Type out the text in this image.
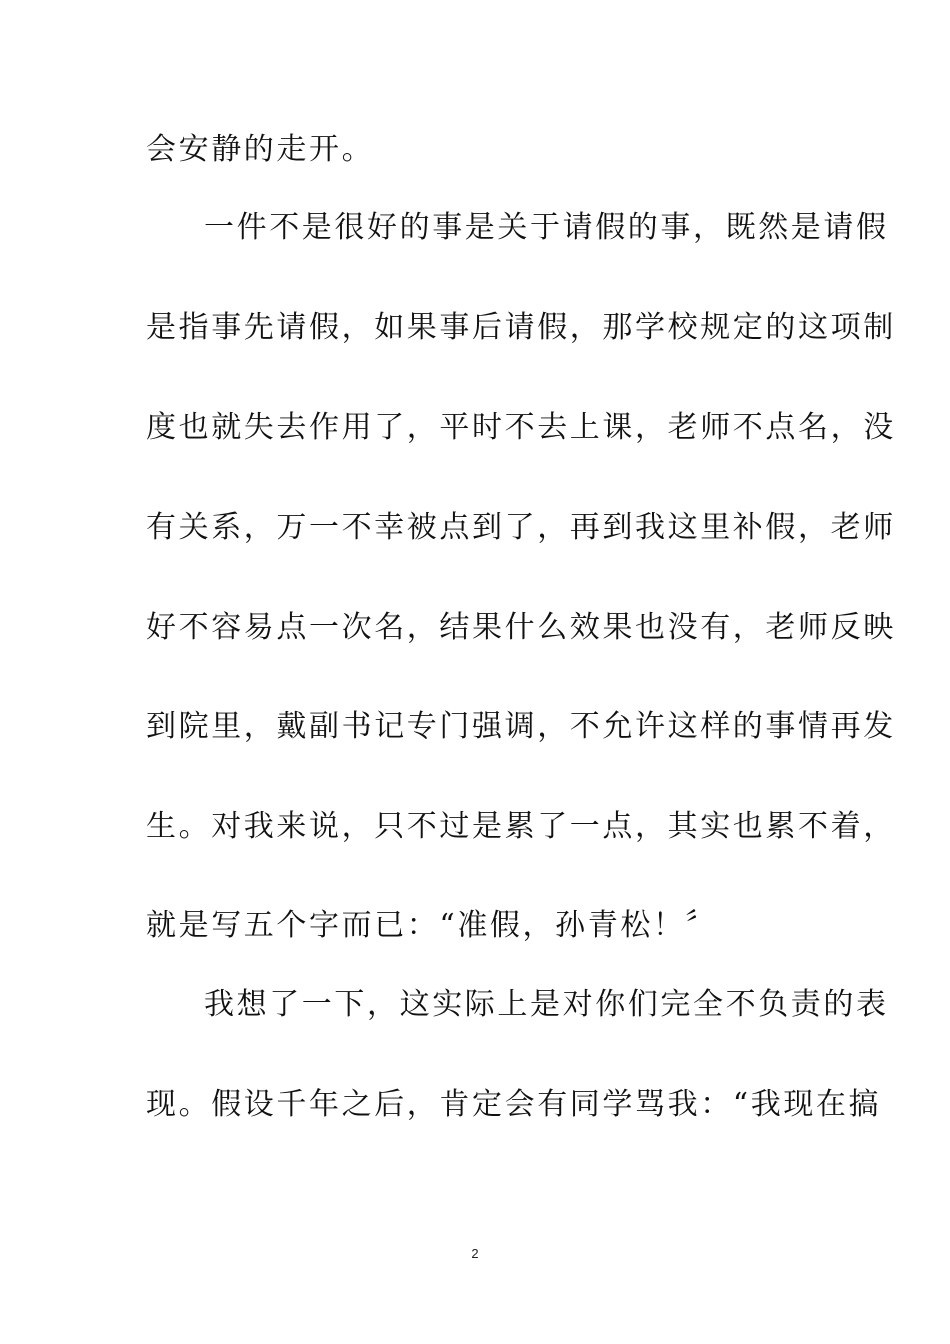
会安静的走开。
一件不是很好的事是关于请假的事，既然是请假
是指事先请假，如果事后请假，那学校规定的这项制
度也就失去作用了，平时不去上课，老师不点名，没
有关系，万一不幸被点到了，再到我这里补假，老师
好不容易点一次名，结果什么效果也没有，老师反映
到院里，戴副书记专门强调，不允许这样的事情再发
生。对我来说，只不过是累了一点，其实也累不着，
就是写五个字而已：“准假，孙青松！〞
我想了一下，这实际上是对你们完全不负责的表
现。假设千年之后，肯定会有同学骂我：“我现在搞
2
